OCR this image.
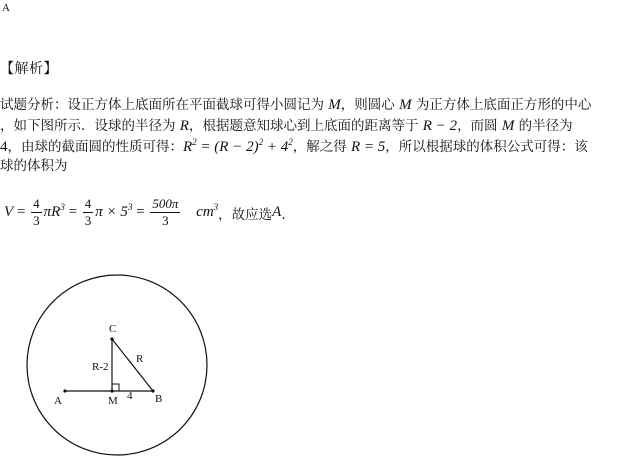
A
【解析】
试题分析：设正方体上底面所在平面截球可得小圆记为 M，则圆心 M 为正方体上底面正方形的中心
，如下图所示．设球的半径为 R，根据题意知球心到上底面的距离等于 R − 2，而圆 M 的半径为
4，由球的截面圆的性质可得：$R^2 = (R - 2)^2 + 4^2$，解之得 R = 5，所以根据球的体积公式可得：该
球的体积为
$V = \frac{4}{3} \pi R^3 = \frac{4}{3}$ $\pi \times 5^3 = \frac{500\pi}{3} cm^3$，故应选A．
C
A	B
M
R
R-2
4
